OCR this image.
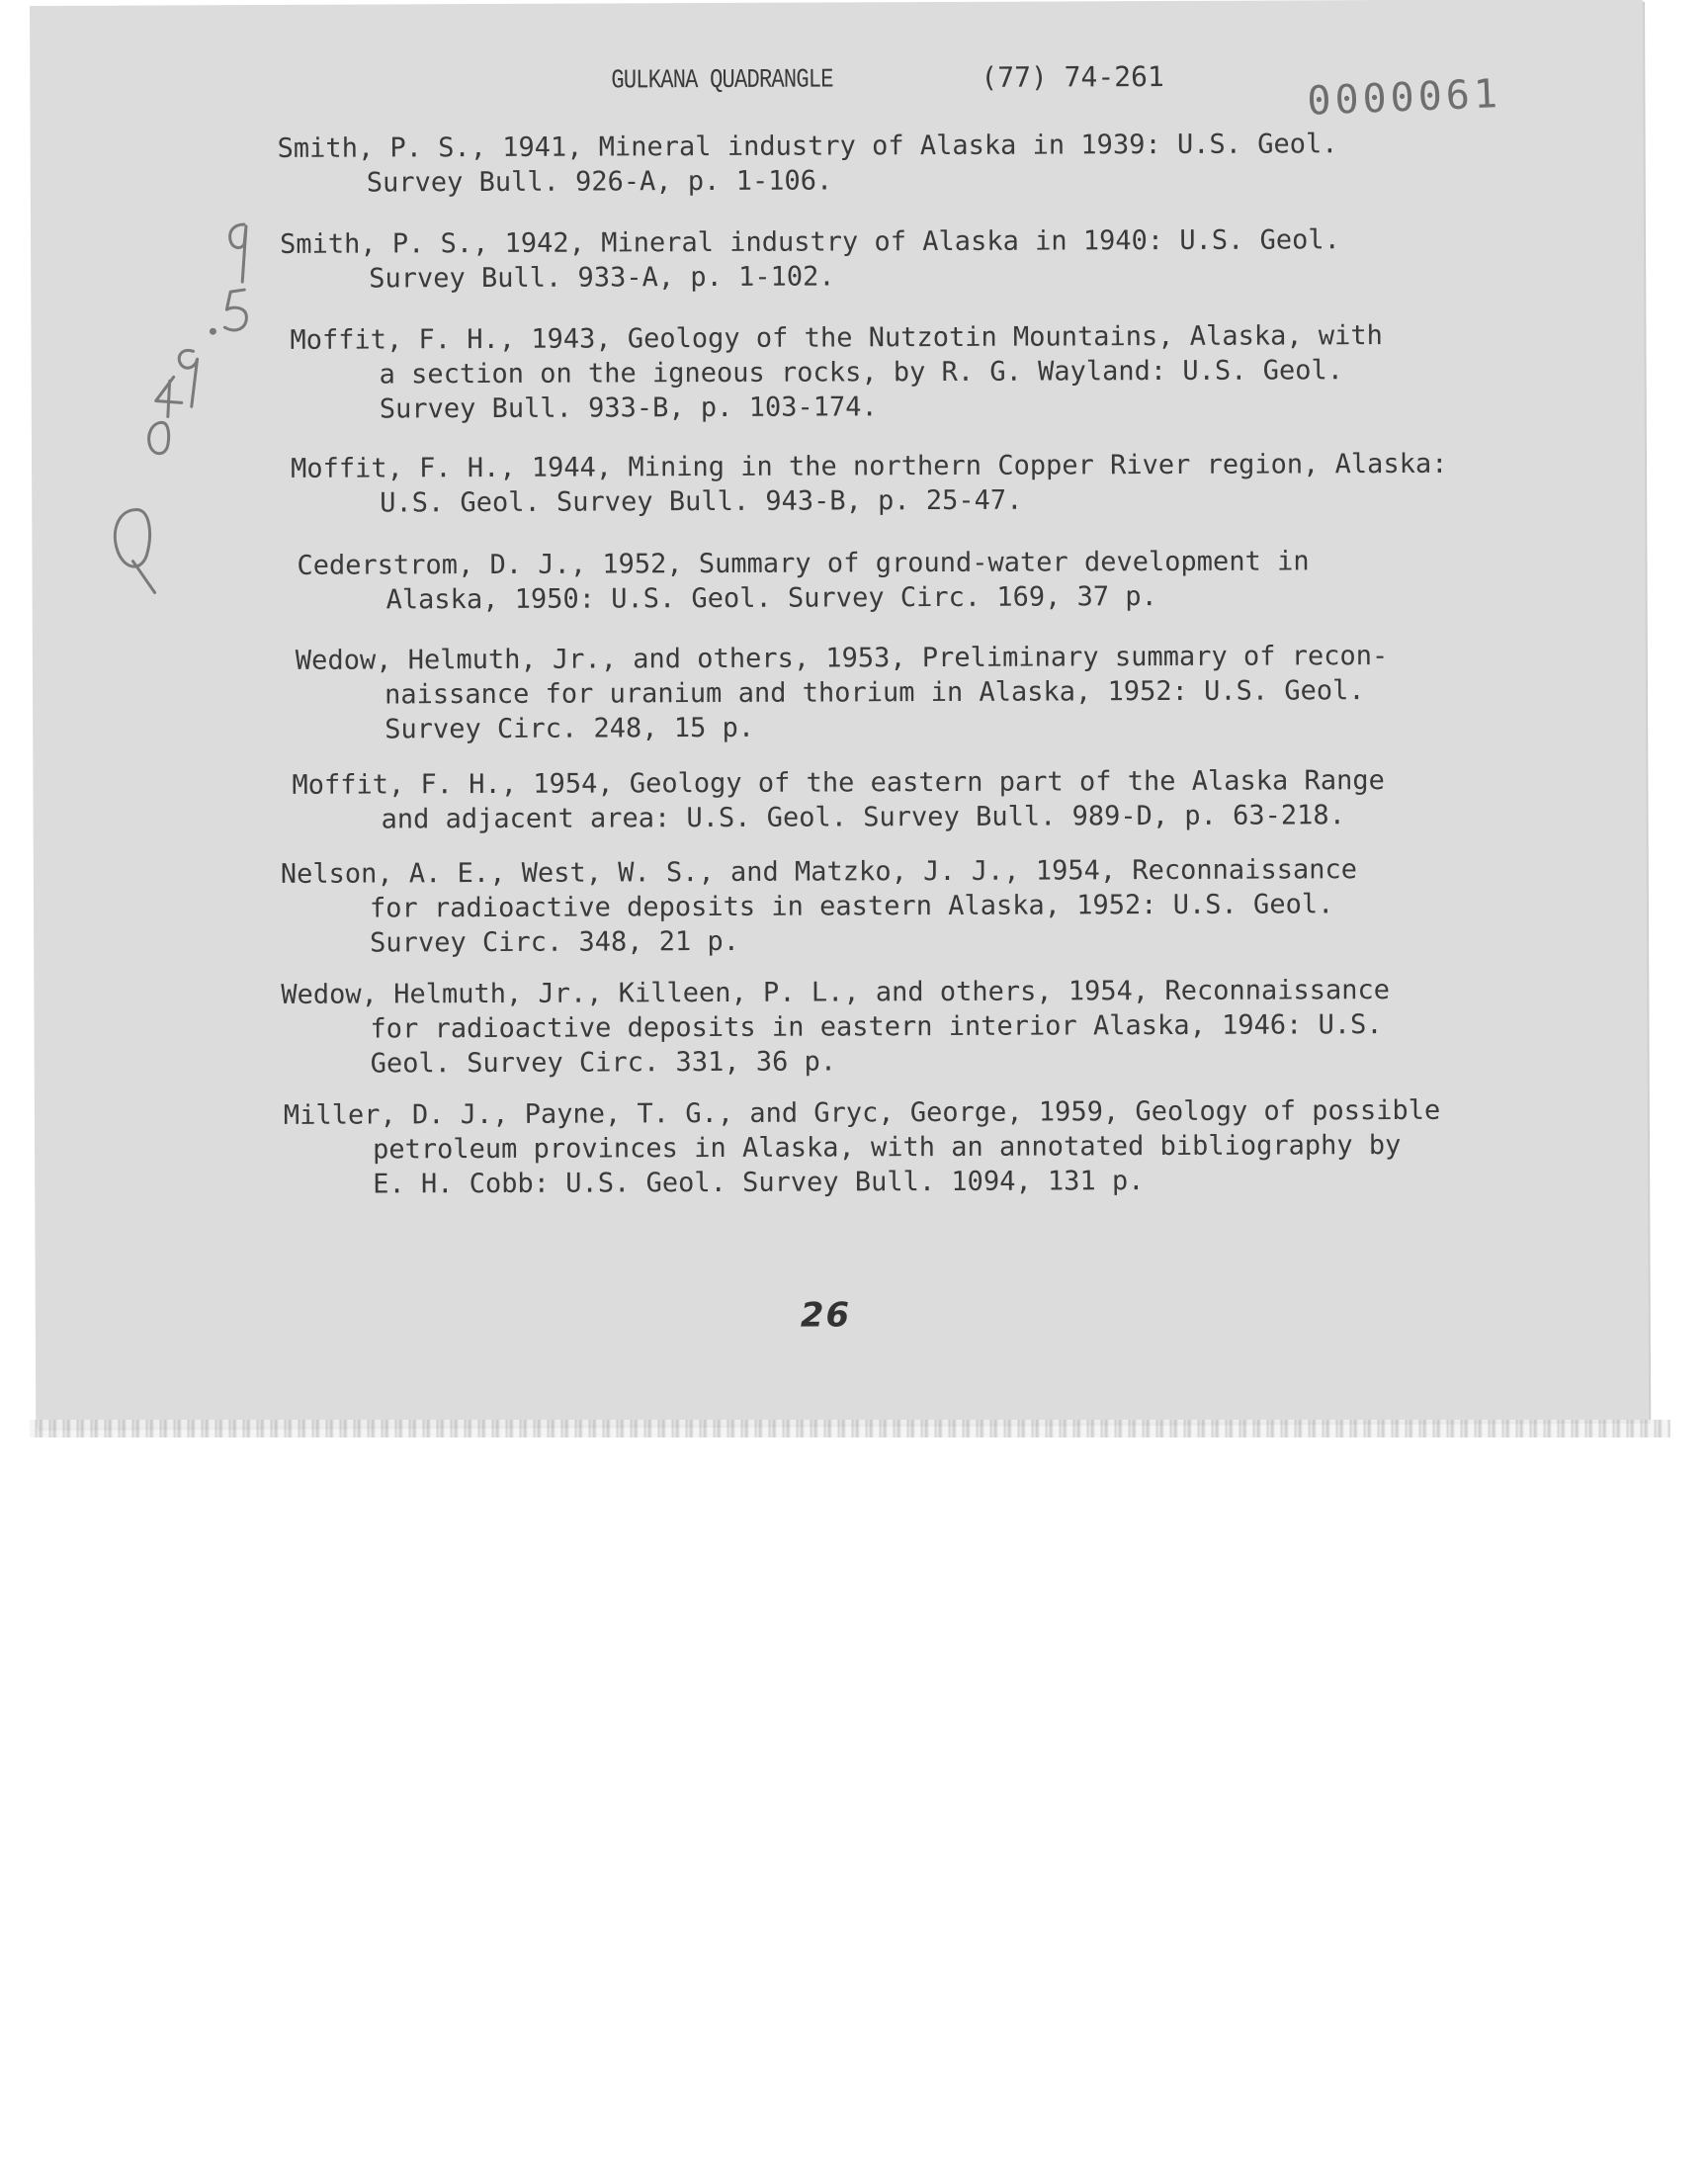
GULKANA QUADRANGLE	(77) 74-261	0000061
Smith, P. S., 1941, Mineral industry of Alaska in 1939: U.S. Geol.
Survey Bull. 926-A, p. 1-106.
Smith, P. S., 1942, Mineral industry of Alaska in 1940: U.S. Geol.
Survey Bull. 933-A, p. 1-102.
Moffit, F. H., 1943, Geology of the Nutzotin Mountains, Alaska, with
a section on the igneous rocks, by R. G. Wayland: U.S. Geol.
Survey Bull. 933-B, p. 103-174.
Moffit, F. H., 1944, Mining in the northern Copper River region, Alaska:
U.S. Geol. Survey Bull. 943-B, p. 25-47.
Cederstrom, D. J., 1952, Summary of ground-water development in
Alaska, 1950: U.S. Geol. Survey Circ. 169, 37 p.
Wedow, Helmuth, Jr., and others, 1953, Preliminary summary of recon-
naissance for uranium and thorium in Alaska, 1952: U.S. Geol.
Survey Circ. 248, 15 p.
Moffit, F. H., 1954, Geology of the eastern part of the Alaska Range
and adjacent area: U.S. Geol. Survey Bull. 989-D, p. 63-218.
Nelson, A. E., West, W. S., and Matzko, J. J., 1954, Reconnaissance
for radioactive deposits in eastern Alaska, 1952: U.S. Geol.
Survey Circ. 348, 21 p.
Wedow, Helmuth, Jr., Killeen, P. L., and others, 1954, Reconnaissance
for radioactive deposits in eastern interior Alaska, 1946: U.S.
Geol. Survey Circ. 331, 36 p.
Miller, D. J., Payne, T. G., and Gryc, George, 1959, Geology of possible
petroleum provinces in Alaska, with an annotated bibliography by
E. H. Cobb: U.S. Geol. Survey Bull. 1094, 131 p.
26
